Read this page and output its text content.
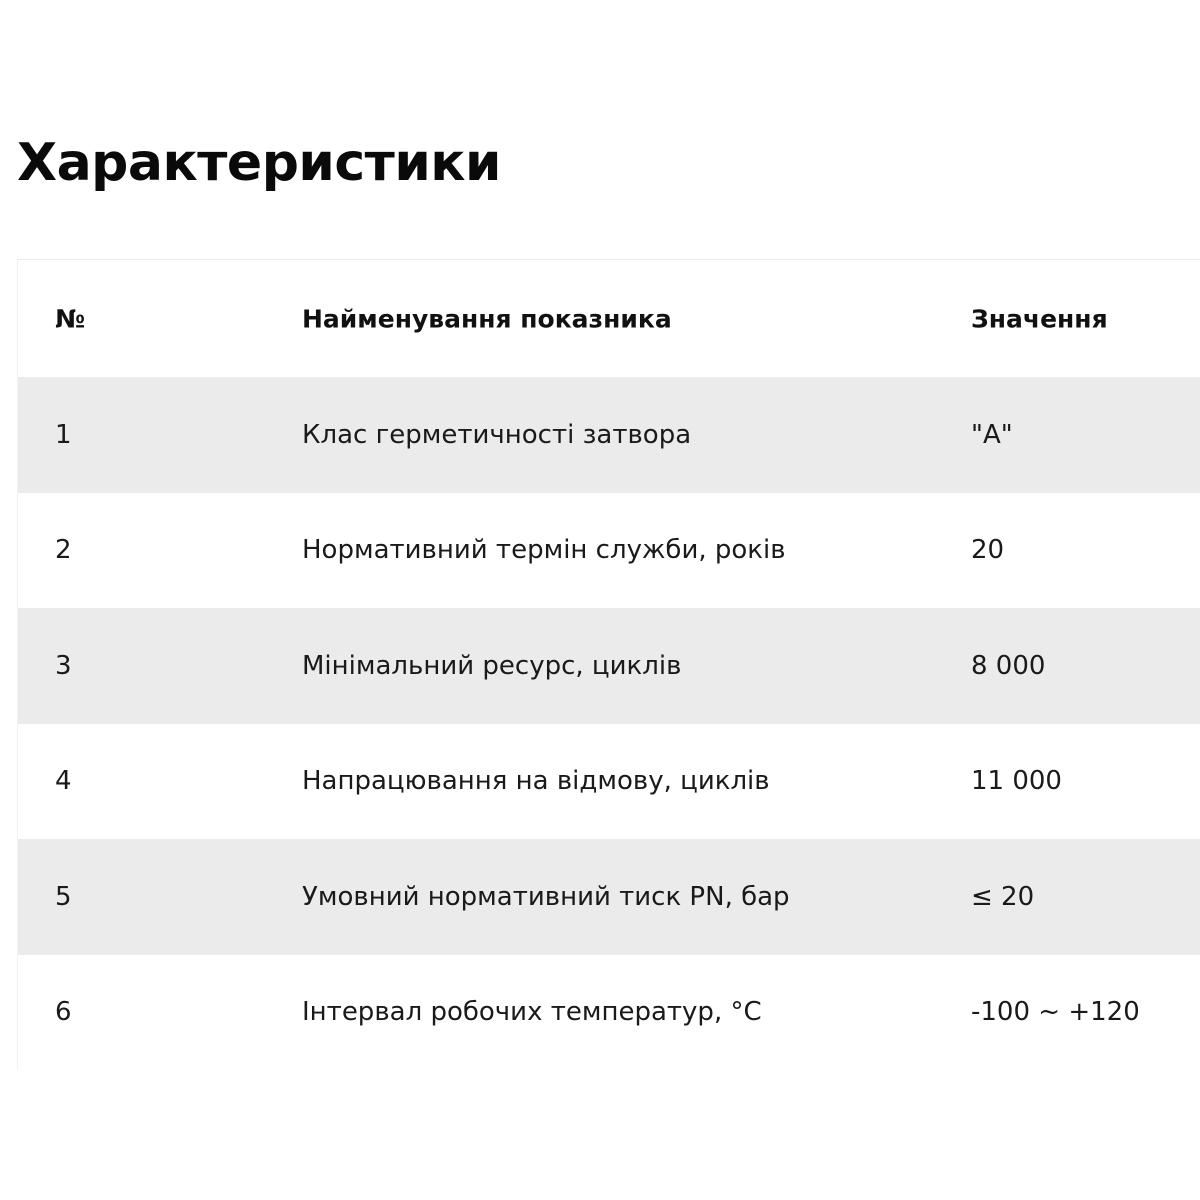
Характеристики
№	Найменування показника	Значення
1	Клас герметичності затвора	"A"
2	Нормативний термін служби, років	20
3	Мінімальний ресурс, циклів	8 000
4	Напрацювання на відмову, циклів	11 000
5	Умовний нормативний тиск PN, бар	≤ 20
6	Інтервал робочих температур, °С	-100 ~ +120
